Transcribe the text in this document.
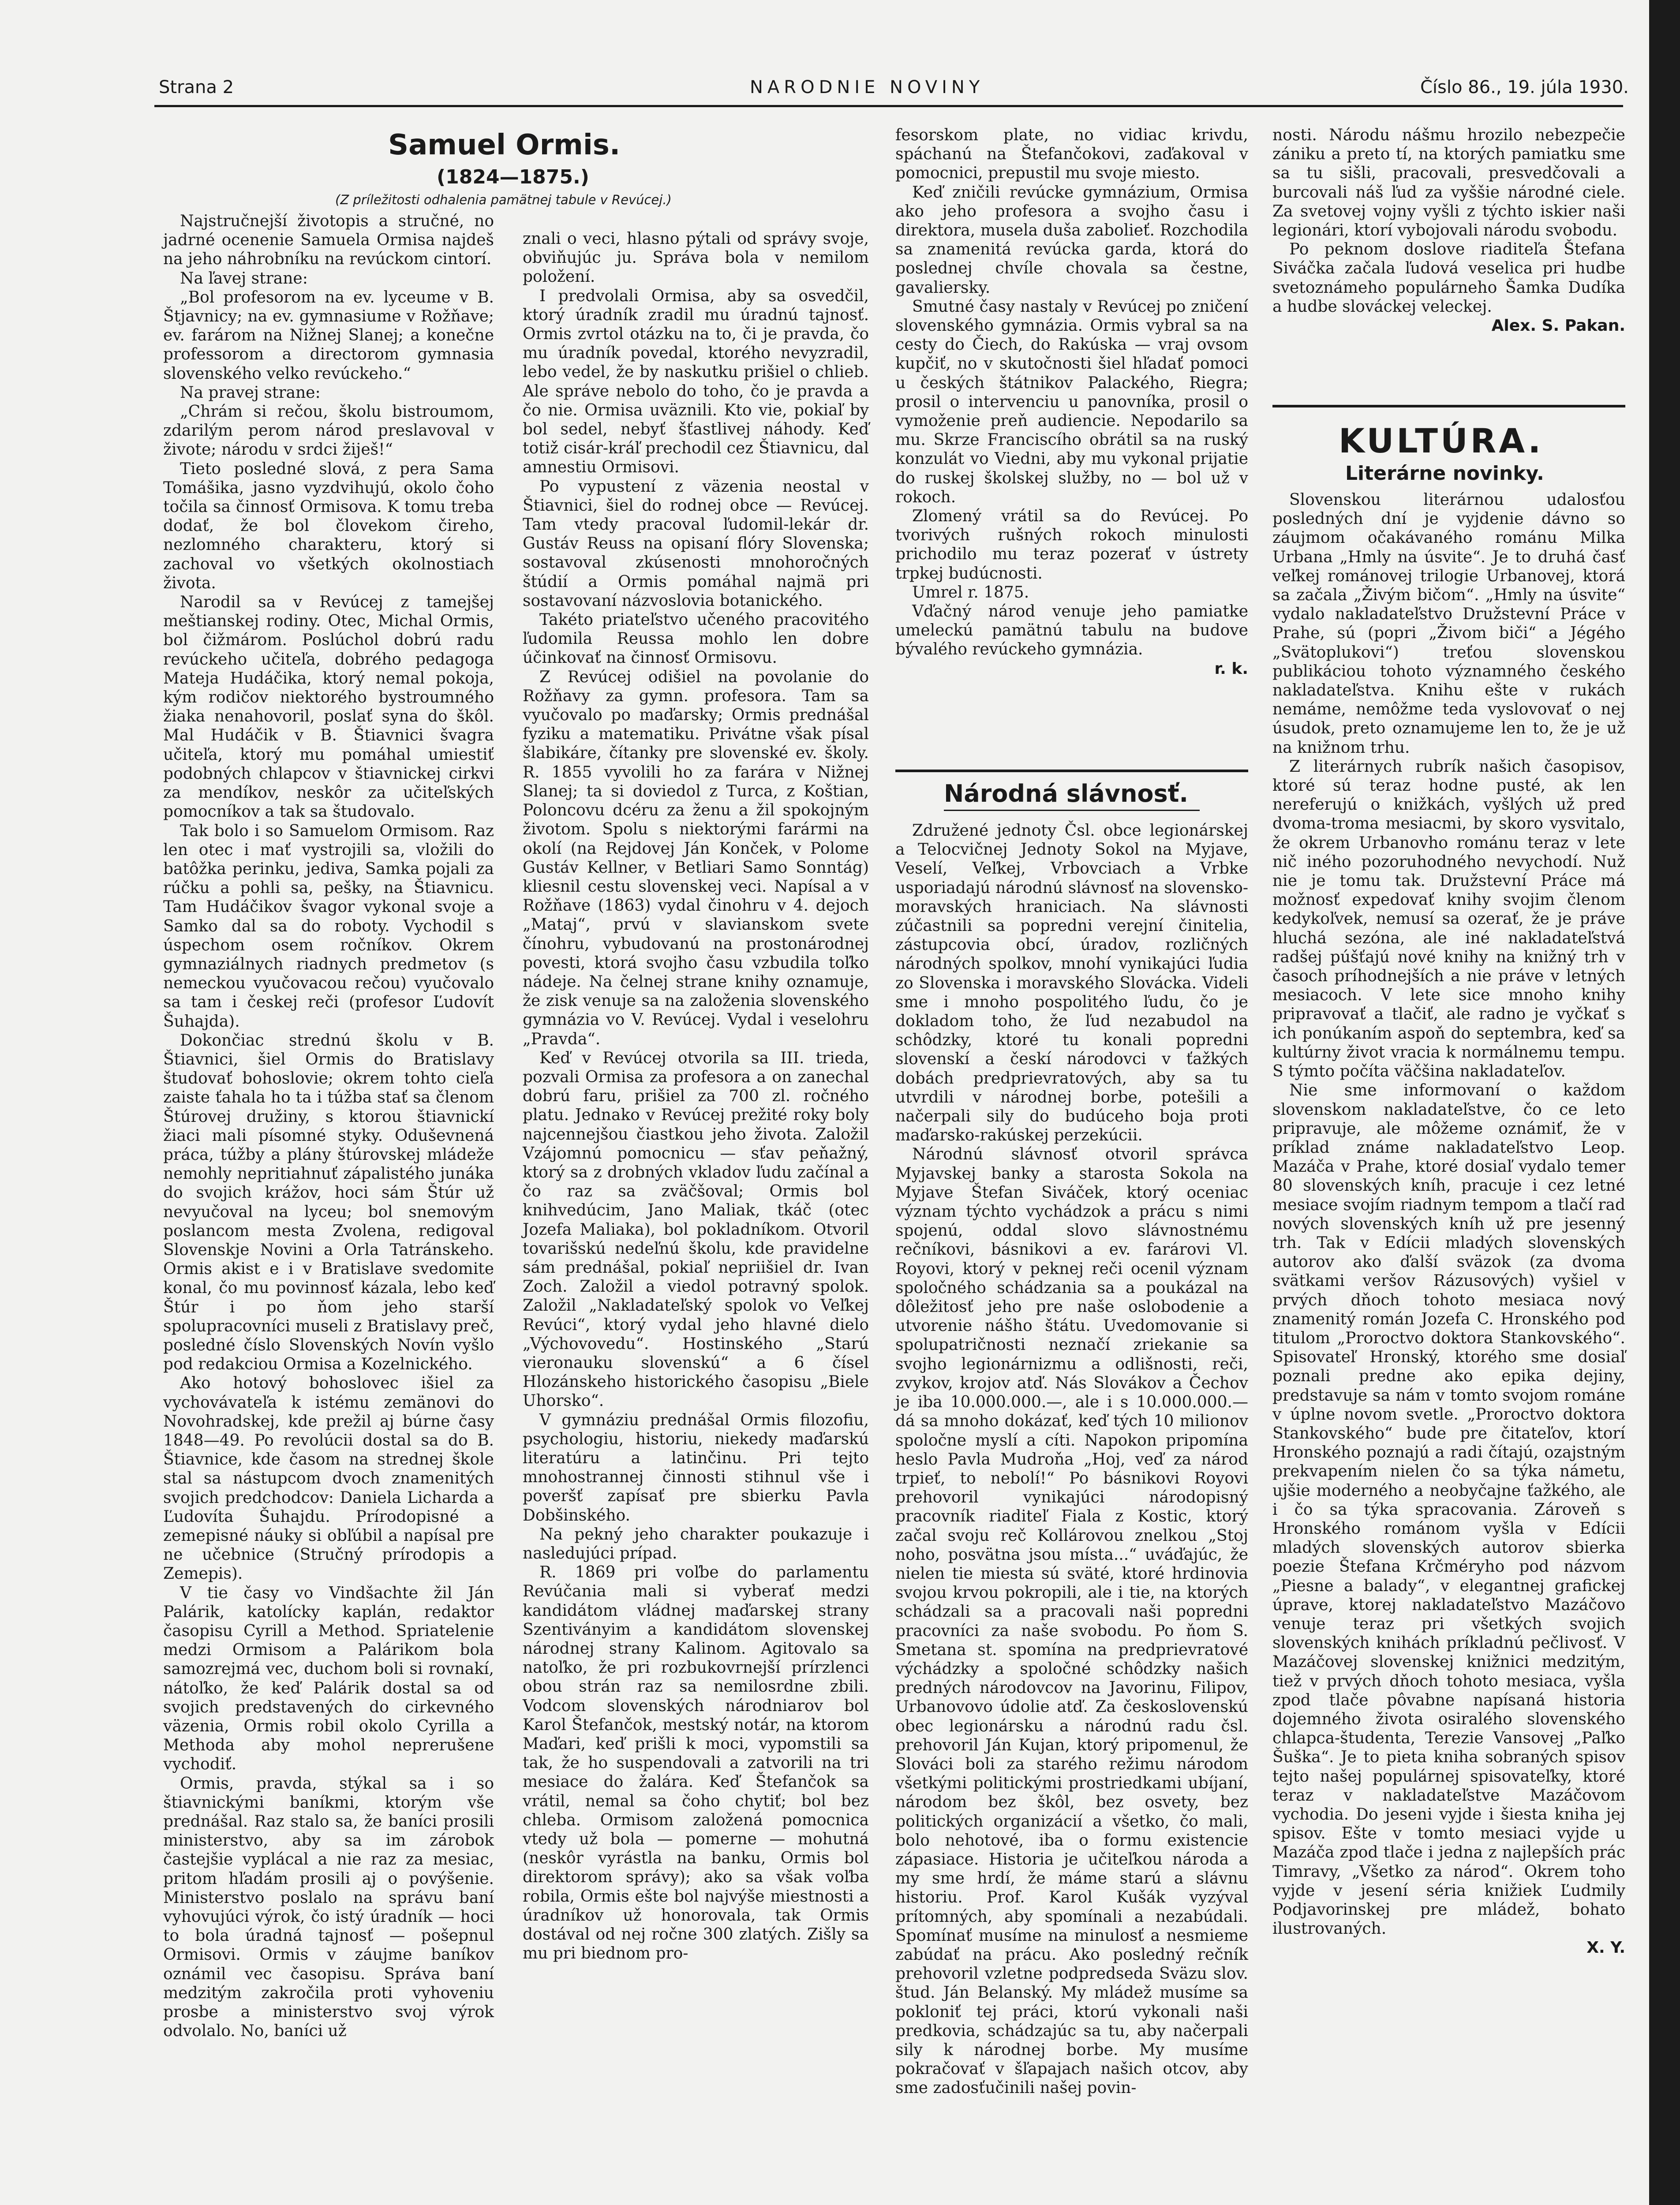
Strana 2	NARODNIE NOVINY	Číslo 86., 19. júla 1930.
Samuel Ormis.
(1824—1875.)
(Z príležitosti odhalenia pamätnej tabule v Revúcej.)

Najstručnejší životopis a stručné, no jadrné ocenenie Samuela Ormisa najdeš na jeho náhrobníku na revúckom cintorí.

Na ľavej strane:

„Bol profesorom na ev. lyceume v B. Štjavnicy; na ev. gymnasiume v Rožňave; ev. farárom na Nižnej Slanej; a konečne professorom a directorom gymnasia slovenského velko revúckeho.“

Na pravej strane:

„Chrám si rečou, školu bistroumom, zdarilým perom národ preslavoval v živote; národu v srdci žiješ!“

Tieto posledné slová, z pera Sama Tomášika, jasno vyzdvihujú, okolo čoho točila sa činnosť Ormisova. K tomu treba dodať, že bol človekom čireho, nezlomného charakteru, ktorý si zachoval vo všetkých okolnostiach života.

Narodil sa v Revúcej z tamejšej meštianskej rodiny. Otec, Michal Ormis, bol čižmárom. Poslúchol dobrú radu revúckeho učiteľa, dobrého pedagoga Mateja Hudáčika, ktorý nemal pokoja, kým rodičov niektorého bystroumného žiaka nenahovoril, poslať syna do škôl. Mal Hudáčik v B. Štiavnici švagra učiteľa, ktorý mu pomáhal umiestiť podobných chlapcov v štiavnickej cirkvi za mendíkov, neskôr za učiteľských pomocníkov a tak sa študovalo.

Tak bolo i so Samuelom Ormisom. Raz len otec i mať vystrojili sa, vložili do batôžka perinku, jediva, Samka pojali za rúčku a pohli sa, pešky, na Štiavnicu. Tam Hudáčikov švagor vykonal svoje a Samko dal sa do roboty. Vychodil s úspechom osem ročníkov. Okrem gymnaziálnych riadnych predmetov (s nemeckou vyučovacou rečou) vyučovalo sa tam i českej reči (profesor Ľudovít Šuhajda).

Dokončiac strednú školu v B. Štiavnici, šiel Ormis do Bratislavy študovať bohoslovie; okrem tohto cieľa zaiste ťahala ho ta i túžba stať sa členom Štúrovej družiny, s ktorou štiavnickí žiaci mali písomné styky. Oduševnená práca, túžby a plány štúrovskej mládeže nemohly nepritiahnuť zápalistého junáka do svojich krážov, hoci sám Štúr už nevyučoval na lyceu; bol snemovým poslancom mesta Zvolena, redigoval Slovenskje Novini a Orla Tatránskeho. Ormis akist e i v Bratislave svedomite konal, čo mu povinnosť kázala, lebo keď Štúr i po ňom jeho starší spolupracovníci museli z Bratislavy preč, posledné číslo Slovenských Novín vyšlo pod redakciou Ormisa a Kozelnického.

Ako hotový bohoslovec išiel za vychovávateľa k istému zemänovi do Novohradskej, kde prežil aj búrne časy 1848—49. Po revolúcii dostal sa do B. Štiavnice, kde časom na strednej škole stal sa nástupcom dvoch znamenitých svojich predchodcov: Daniela Licharda a Ľudovíta Šuhajdu. Prírodopisné a zemepisné náuky si obľúbil a napísal pre ne učebnice (Stručný prírodopis a Zemepis).

V tie časy vo Vindšachte žil Ján Palárik, katolícky kaplán, redaktor časopisu Cyrill a Method. Spriatelenie medzi Ormisom a Palárikom bola samozrejmá vec, duchom boli si rovnakí, nátoľko, že keď Palárik dostal sa od svojich predstavených do cirkevného väzenia, Ormis robil okolo Cyrilla a Methoda aby mohol neprerušene vychodiť.

Ormis, pravda, stýkal sa i so štiavnickými baníkmi, ktorým vše prednášal. Raz stalo sa, že baníci prosili ministerstvo, aby sa im zárobok častejšie vyplácal a nie raz za mesiac, pritom hľadám prosili aj o povýšenie. Ministerstvo poslalo na správu baní vyhovujúci výrok, čo istý úradník — hoci to bola úradná tajnosť — pošepnul Ormisovi. Ormis v záujme baníkov oznámil vec časopisu. Správa baní medzitým zakročila proti vyhoveniu prosbe a ministerstvo svoj výrok odvolalo. No, baníci už

znali o veci, hlasno pýtali od správy svoje, obviňujúc ju. Správa bola v nemilom položení.

I predvolali Ormisa, aby sa osvedčil, ktorý úradník zradil mu úradnú tajnosť. Ormis zvrtol otázku na to, či je pravda, čo mu úradník povedal, ktorého nevyzradil, lebo vedel, že by naskutku prišiel o chlieb. Ale správe nebolo do toho, čo je pravda a čo nie. Ormisa uväznili. Kto vie, pokiaľ by bol sedel, nebyť šťastlivej náhody. Keď totiž cisár-kráľ prechodil cez Štiavnicu, dal amnestiu Ormisovi.

Po vypustení z väzenia neostal v Štiavnici, šiel do rodnej obce — Revúcej. Tam vtedy pracoval ľudomil-lekár dr. Gustáv Reuss na opisaní flóry Slovenska; sostavoval zkúsenosti mnohoročných štúdií a Ormis pomáhal najmä pri sostavovaní názvoslovia botanického.

Takéto priateľstvo učeného pracovitého ľudomila Reussa mohlo len dobre účinkovať na činnosť Ormisovu.

Z Revúcej odišiel na povolanie do Rožňavy za gymn. profesora. Tam sa vyučovalo po maďarsky; Ormis prednášal fyziku a matematiku. Privátne však písal šlabikáre, čítanky pre slovenské ev. školy. R. 1855 vyvolili ho za farára v Nižnej Slanej; ta si doviedol z Turca, z Koštian, Poloncovu dcéru za ženu a žil spokojným životom. Spolu s niektorými farármi na okolí (na Rejdovej Ján Konček, v Polome Gustáv Kellner, v Betliari Samo Sonntág) kliesnil cestu slovenskej veci. Napísal a v Rožňave (1863) vydal činohru v 4. dejoch „Mataj“, prvú v slavianskom svete čínohru, vybudovanú na prostonárodnej povesti, ktorá svojho času vzbudila toľko nádeje. Na čelnej strane knihy oznamuje, že zisk venuje sa na založenia slovenského gymnázia vo V. Revúcej. Vydal i veselohru „Pravda“.

Keď v Revúcej otvorila sa III. trieda, pozvali Ormisa za profesora a on zanechal dobrú faru, prišiel za 700 zl. ročného platu. Jednako v Revúcej prežité roky boly najcennejšou čiastkou jeho života. Založil Vzájomnú pomocnicu — sťav peňažný, ktorý sa z drobných vkladov ľudu začínal a čo raz sa zväčšoval; Ormis bol knihvedúcim, Jano Maliak, tkáč (otec Jozefa Maliaka), bol pokladníkom. Otvoril tovarišskú nedeľnú školu, kde pravidelne sám prednášal, pokiaľ nepriišiel dr. Ivan Zoch. Založil a viedol potravný spolok. Založil „Nakladateľský spolok vo Veľkej Revúci“, ktorý vydal jeho hlavné dielo „Výchovovedu“. Hostinského „Starú vieronauku slovenskú“ a 6 čísel Hlozánskeho historického časopisu „Biele Uhorsko“.

V gymnáziu prednášal Ormis filozofiu, psychologiu, historiu, niekedy maďarskú literatúru a latinčinu. Pri tejto mnohostrannej činnosti stihnul vše i poveršť zapísať pre sbierku Pavla Dobšinského.

Na pekný jeho charakter poukazuje i nasledujúci prípad.

R. 1869 pri voľbe do parlamentu Revúčania mali si vyberať medzi kandidátom vládnej maďarskej strany Szentiványim a kandidátom slovenskej národnej strany Kalinom. Agitovalo sa natoľko, že pri rozbukovrnejší prírzlenci obou strán raz sa nemilosrdne zbili. Vodcom slovenských národniarov bol Karol Štefančok, mestský notár, na ktorom Maďari, keď prišli k moci, vypomstili sa tak, že ho suspendovali a zatvorili na tri mesiace do žalára. Keď Štefančok sa vrátil, nemal sa čoho chytiť; bol bez chleba. Ormisom založená pomocnica vtedy už bola — pomerne — mohutná (neskôr vyrástla na banku, Ormis bol direktorom správy); ako sa však voľba robila, Ormis ešte bol najvýše miestnosti a úradníkov už honorovala, tak Ormis dostával od nej ročne 300 zlatých. Zišly sa mu pri biednom pro-

fesorskom plate, no vidiac krivdu, spáchanú na Štefančokovi, zaďakoval v pomocnici, prepustil mu svoje miesto.

Keď zničili revúcke gymnázium, Ormisa ako jeho profesora a svojho času i direktora, musela duša zabolieť. Rozchodila sa znamenitá revúcka garda, ktorá do poslednej chvíle chovala sa čestne, gavaliersky.

Smutné časy nastaly v Revúcej po zničení slovenského gymnázia. Ormis vybral sa na cesty do Čiech, do Rakúska — vraj ovsom kupčiť, no v skutočnosti šiel hľadať pomoci u českých štátnikov Palackého, Riegra; prosil o intervenciu u panovníka, prosil o vymoženie preň audiencie. Nepodarilo sa mu. Skrze Franciscího obrátil sa na ruský konzulát vo Viedni, aby mu vykonal prijatie do ruskej školskej služby, no — bol už v rokoch.

Zlomený vrátil sa do Revúcej. Po tvorivých rušných rokoch minulosti prichodilo mu teraz pozerať v ústrety trpkej budúcnosti.

Umrel r. 1875.

Vďačný národ venuje jeho pamiatke umeleckú pamätnú tabulu na budove bývalého revúckeho gymnázia.

r. k.
Národná slávnosť.

Združené jednoty Čsl. obce legionárskej a Telocvičnej Jednoty Sokol na Myjave, Veselí, Veľkej, Vrbovciach a Vrbke usporiadajú národnú slávnosť na slovensko-moravských hraniciach. Na slávnosti zúčastnili sa popredni verejní činitelia, zástupcovia obcí, úradov, rozličných národných spolkov, mnohí vynikajúci ľudia zo Slovenska i moravského Slovácka. Videli sme i mnoho pospolitého ľudu, čo je dokladom toho, že ľud nezabudol na schôdzky, ktoré tu konali popredni slovenskí a českí národovci v ťažkých dobách predprievratových, aby sa tu utvrdili v národnej borbe, potešili a načerpali sily do budúceho boja proti maďarsko-rakúskej perzekúcii.

Národnú slávnosť otvoril správca Myjavskej banky a starosta Sokola na Myjave Štefan Siváček, ktorý oceniac význam týchto vychádzok a prácu s nimi spojenú, oddal slovo slávnostnému rečníkovi, básnikovi a ev. farárovi Vl. Royovi, ktorý v peknej reči ocenil význam spoločného schádzania sa a poukázal na dôležitosť jeho pre naše oslobodenie a utvorenie nášho štátu. Uvedomovanie si spolupatričnosti neznačí zriekanie sa svojho legionárnizmu a odlišnosti, reči, zvykov, krojov atď. Nás Slovákov a Čechov je iba 10.000.000.—, ale i s 10.000.000.— dá sa mnoho dokázať, keď tých 10 milionov spoločne myslí a cíti. Napokon pripomína heslo Pavla Mudroňa „Hoj, veď za národ trpieť, to nebolí!“ Po básnikovi Royovi prehovoril vynikajúci národopisný pracovník riaditeľ Fiala z Kostic, ktorý začal svoju reč Kollárovou znelkou „Stoj noho, posvätna jsou místa...“ uváďajúc, že nielen tie miesta sú sväté, ktoré hrdinovia svojou krvou pokropili, ale i tie, na ktorých schádzali sa a pracovali naši popredni pracovníci za naše svobodu. Po ňom S. Smetana st. spomína na predprievratové výchádzky a spoločné schôdzky našich predných národovcov na Javorinu, Filipov, Urbanovovo údolie atď. Za československú obec legionársku a národnú radu čsl. prehovoril Ján Kujan, ktorý pripomenul, že Slováci boli za starého režimu národom všetkými politickými prostriedkami ubíjaní, národom bez škôl, bez osvety, bez politických organizácií a všetko, čo mali, bolo nehotové, iba o formu existencie zápasiace. Historia je učiteľkou národa a my sme hrdí, že máme starú a slávnu historiu. Prof. Karol Kušák vyzýval prítomných, aby spomínali a nezabúdali. Spomínať musíme na minulosť a nesmieme zabúdať na prácu. Ako posledný rečník prehovoril vzletne podpredseda Sväzu slov. štud. Ján Belanský. My mládež musíme sa pokloniť tej práci, ktorú vykonali naši predkovia, schádzajúc sa tu, aby načerpali sily k národnej borbe. My musíme pokračovať v šľapajach našich otcov, aby sme zadosťučinili našej povin-

nosti. Národu nášmu hrozilo nebezpečie zániku a preto tí, na ktorých pamiatku sme sa tu sišli, pracovali, presvedčovali a burcovali náš ľud za vyššie národné ciele. Za svetovej vojny vyšli z týchto iskier naši legionári, ktorí vybojovali národu svobodu.

Po peknom doslove riaditeľa Štefana Siváčka začala ľudová veselica pri hudbe svetoznámeho populárneho Šamka Dudíka a hudbe slováckej veleckej.

Alex. S. Pakan.
KULTÚRA.
Literárne novinky.

Slovenskou literárnou udalosťou posledných dní je vyjdenie dávno so záujmom očakávaného románu Milka Urbana „Hmly na úsvite“. Je to druhá časť veľkej románovej trilogie Urbanovej, ktorá sa začala „Živým bičom“. „Hmly na úsvite“ vydalo nakladateľstvo Družstevní Práce v Prahe, sú (popri „Živom biči“ a Jégého „Svätoplukovi“) treťou slovenskou publikáciou tohoto významného českého nakladateľstva. Knihu ešte v rukách nemáme, nemôžme teda vyslovovať o nej úsudok, preto oznamujeme len to, že je už na knižnom trhu.

Z literárnych rubrík našich časopisov, ktoré sú teraz hodne pusté, ak len nereferujú o knižkách, vyšlých už pred dvoma-troma mesiacmi, by skoro vysvitalo, že okrem Urbanovho románu teraz v lete nič iného pozoruhodného nevychodí. Nuž nie je tomu tak. Družstevní Práce má možnosť expedovať knihy svojim členom kedykoľvek, nemusí sa ozerať, že je práve hluchá sezóna, ale iné nakladateľstvá radšej púšťajú nové knihy na knižný trh v časoch príhodnejších a nie práve v letných mesiacoch. V lete sice mnoho knihy pripravovať a tlačiť, ale radno je vyčkať s ich ponúkaním aspoň do septembra, keď sa kultúrny život vracia k normálnemu tempu. S týmto počíta väčšina nakladateľov.

Nie sme informovaní o každom slovenskom nakladateľstve, čo ce leto pripravuje, ale môžeme oznámiť, že v príklad známe nakladateľstvo Leop. Mazáča v Prahe, ktoré dosiaľ vydalo temer 80 slovenských kníh, pracuje i cez letné mesiace svojím riadnym tempom a tlačí rad nových slovenských kníh už pre jesenný trh. Tak v Edícii mladých slovenských autorov ako ďalší sväzok (za dvoma svätkami veršov Rázusových) vyšiel v prvých dňoch tohoto mesiaca nový znamenitý román Jozefa C. Hronského pod titulom „Proroctvo doktora Stankovského“. Spisovateľ Hronský, ktorého sme dosiaľ poznali predne ako epika dejiny, predstavuje sa nám v tomto svojom románe v úplne novom svetle. „Proroctvo doktora Stankovského“ bude pre čitateľov, ktorí Hronského poznajú a radi čítajú, ozajstným prekvapením nielen čo sa týka námetu, ujšie moderného a neobyčajne ťažkého, ale i čo sa týka spracovania. Zároveň s Hronského románom vyšla v Edícii mladých slovenských autorov sbierka poezie Štefana Krčméryho pod názvom „Piesne a balady“, v elegantnej grafickej úprave, ktorej nakladateľstvo Mazáčovo venuje teraz pri všetkých svojich slovenských knihách príkladnú pečlivosť. V Mazáčovej slovenskej knižnici medzitým, tiež v prvých dňoch tohoto mesiaca, vyšla zpod tlače pôvabne napísaná historia dojemného života osiralého slovenského chlapca-študenta, Terezie Vansovej „Paľko Šuška“. Je to pieta kniha sobraných spisov tejto našej populárnej spisovateľky, ktoré teraz v nakladateľstve Mazáčovom vychodia. Do jeseni vyjde i šiesta kniha jej spisov. Ešte v tomto mesiaci vyjde u Mazáča zpod tlače i jedna z najlepších prác Timravy, „Všetko za národ“. Okrem toho vyjde v jesení séria knižiek Ľudmily Podjavorinskej pre mládež, bohato ilustrovaných.

X. Y.
